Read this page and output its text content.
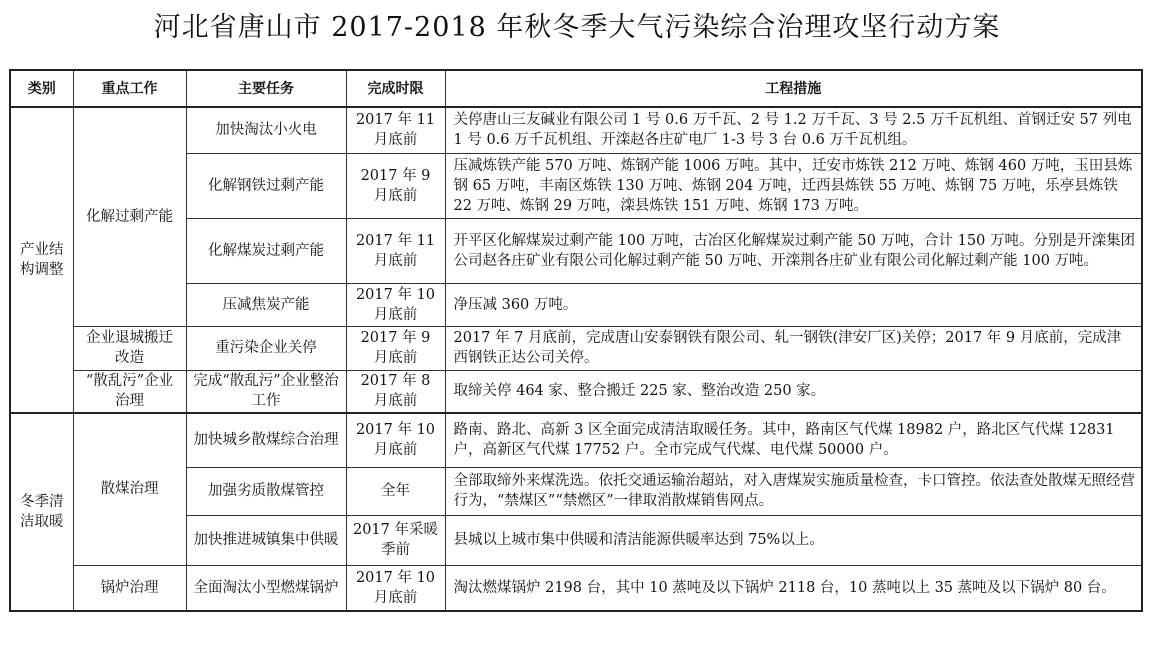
河北省唐山市 2017-2018 年秋冬季大气污染综合治理攻坚行动方案
类别	重点工作	主要任务	完成时限	工程措施
产业结构调整	化解过剩产能	加快淘汰小火电	2017 年 11 月底前	关停唐山三友碱业有限公司 1 号 0.6 万千瓦、2 号 1.2 万千瓦、3 号 2.5 万千瓦机组、首钢迁安 57 列电 1 号 0.6 万千瓦机组、开滦赵各庄矿电厂 1-3 号 3 台 0.6 万千瓦机组。
		化解钢铁过剩产能	2017 年 9 月底前	压减炼铁产能 570 万吨、炼钢产能 1006 万吨。其中，迁安市炼铁 212 万吨、炼钢 460 万吨，玉田县炼钢 65 万吨，丰南区炼铁 130 万吨、炼钢 204 万吨，迁西县炼铁 55 万吨、炼钢 75 万吨，乐亭县炼铁 22 万吨、炼钢 29 万吨，滦县炼铁 151 万吨、炼钢 173 万吨。
		化解煤炭过剩产能	2017 年 11 月底前	开平区化解煤炭过剩产能 100 万吨，古冶区化解煤炭过剩产能 50 万吨，合计 150 万吨。分别是开滦集团公司赵各庄矿业有限公司化解过剩产能 50 万吨、开滦荆各庄矿业有限公司化解过剩产能 100 万吨。
		压减焦炭产能	2017 年 10 月底前	净压减 360 万吨。
	企业退城搬迁改造	重污染企业关停	2017 年 9 月底前	2017 年 7 月底前，完成唐山安泰钢铁有限公司、轧一钢铁(津安厂区)关停；2017 年 9 月底前，完成津西钢铁正达公司关停。
	“散乱污”企业治理	完成“散乱污”企业整治工作	2017 年 8 月底前	取缔关停 464 家、整合搬迁 225 家、整治改造 250 家。
冬季清洁取暖	散煤治理	加快城乡散煤综合治理	2017 年 10 月底前	路南、路北、高新 3 区全面完成清洁取暖任务。其中，路南区气代煤 18982 户，路北区气代煤 12831 户，高新区气代煤 17752 户。全市完成气代煤、电代煤 50000 户。
		加强劣质散煤管控	全年	全部取缔外来煤洗选。依托交通运输治超站，对入唐煤炭实施质量检查，卡口管控。依法查处散煤无照经营行为，“禁煤区”“禁燃区”一律取消散煤销售网点。
		加快推进城镇集中供暖	2017 年采暖季前	县城以上城市集中供暖和清洁能源供暖率达到 75%以上。
	锅炉治理	全面淘汰小型燃煤锅炉	2017 年 10 月底前	淘汰燃煤锅炉 2198 台，其中 10 蒸吨及以下锅炉 2118 台，10 蒸吨以上 35 蒸吨及以下锅炉 80 台。
